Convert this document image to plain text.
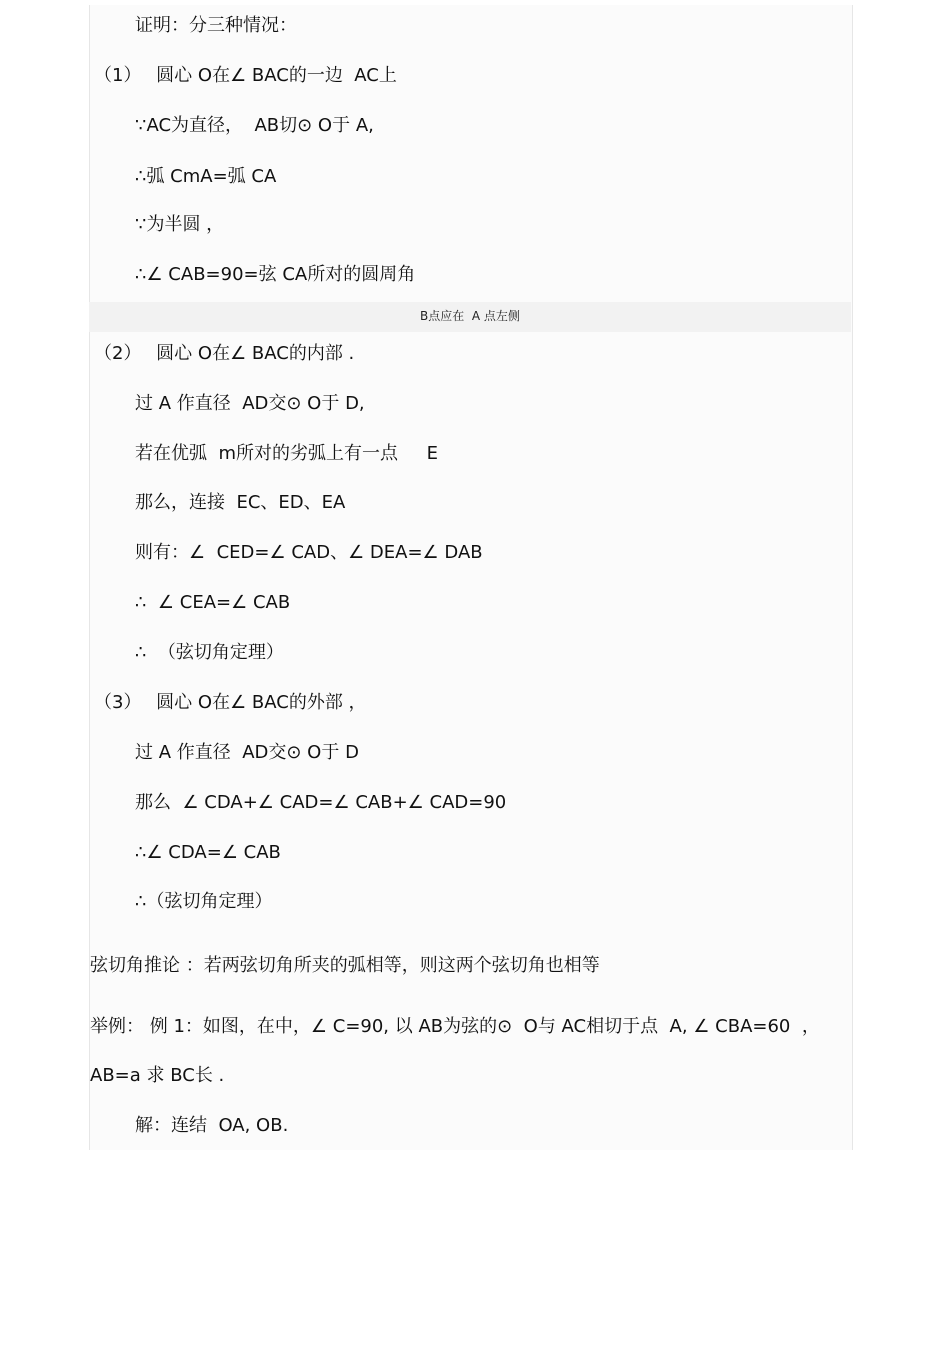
证明：分三种情况：
（1）　 圆心 O在∠ BAC的一边  AC上
∵AC为直径，  AB切⊙ O于 A,
∴弧 CmA=弧 CA
∵为半圆 ，
∴∠ CAB=90=弦 CA所对的圆周角
B点应在  A 点左侧
（2）　 圆心 O在∠ BAC的内部 .
过 A 作直径  AD交⊙ O于 D,
若在优弧  m所对的劣弧上有一点     E
那么，连接  EC、ED、EA
则有：∠  CED=∠ CAD、∠ DEA=∠ DAB
∴  ∠ CEA=∠ CAB
∴  （弦切角定理）
（3）　 圆心 O在∠ BAC的外部 ，
过 A 作直径  AD交⊙ O于 D
那么  ∠ CDA+∠ CAD=∠ CAB+∠ CAD=90
∴∠ CDA=∠ CAB
∴（弦切角定理）
弦切角推论 ：若两弦切角所夹的弧相等，则这两个弦切角也相等
举例： 例 1：如图，在中，∠ C=90, 以 AB为弦的⊙  O与 AC相切于点  A, ∠ CBA=60  ，
AB=a 求 BC长 .
解：连结  OA, OB.
